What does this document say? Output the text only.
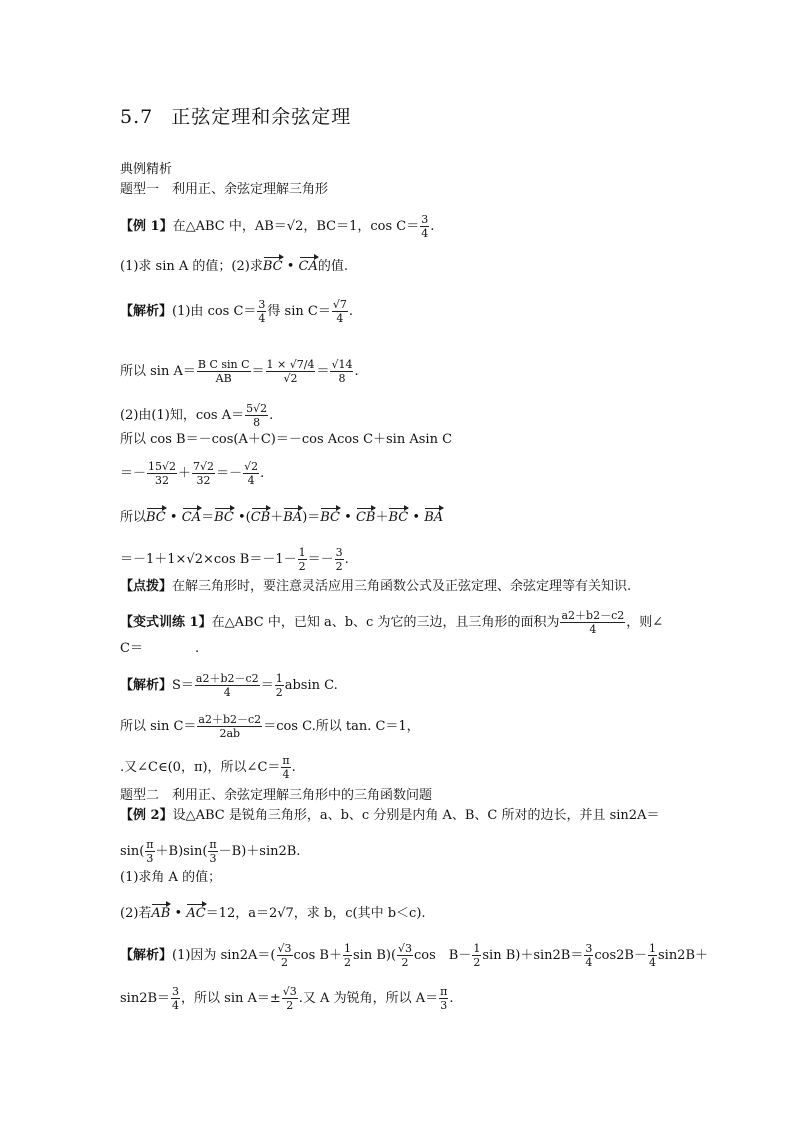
5.7 正弦定理和余弦定理
典例精析
题型一　利用正、余弦定理解三角形
【例 1】在△ABC 中，AB＝√2，BC＝1，$\cos C= \frac{3}{4}$ .
(1)求 sin A 的值；(2)求BC • CA的值.
【解析】(1)由 $\cos C= \frac{3}{4}$ 得 $\sin C= \frac{√7}{4}$ .
所以 $\sin A= \frac{\text{B C sin C}}{AB} = \frac{1 \times √7/4}{√2} = \frac{√14}{8}$ .
(2)由(1)知，$\cos A= \frac{5√2}{8}$ .
所以 cos B＝－cos(A＋C)＝－cos Acos C＋sin Asin C
＝－ $\frac{15√2}{32} + \frac{7√2}{32} =- \frac{√2}{4}$ .
所以BC • CA＝BC •(CB＋BA)＝BC • CB＋BC • BA
＝－1＋1×√2×cos $B=-1- \frac{1}{2} =- \frac{3}{2}$ .
【点拨】在解三角形时，要注意灵活应用三角函数公式及正弦定理、余弦定理等有关知识.
【变式训练 1】在△ABC 中，已知 a、b、c 为它的三边，且三角形的面积为 $\frac{a2+b2-c2}{4}$ ，则∠
C＝　　　　.
【解析】$S= \frac{a2+b2-c2}{4} = \frac{1}{2}$ absin C.
所以 $\sin C= \frac{a2+b2-c2}{2ab} =\cos$ C.所以 tan. C＝1，
.又∠C∈(0，π)，所以∠C＝ $\frac{\pi}{4}$ .
题型二　利用正、余弦定理解三角形中的三角函数问题
【例 2】设△ABC 是锐角三角形，a、b、c 分别是内角 A、B、C 所对的边长，并且 sin2A＝
$\sin( \frac{\pi}{3} +B)\sin( \frac{\pi}{3} -B)+\sin 2B$.
(1)求角 A 的值；
(2)若AB • AC＝12，a＝2√7，求 b，c(其中 b＜c).
【解析】(1)因为 $\sin 2A=( \frac{√3}{2}$ $\cos B+ \frac{1}{2}$ $\sin B)( \frac{√3}{2}$ cos　$B- \frac{1}{2}$ $\sin B)+\sin 2B= \frac{3}{4} \cos 2B- \frac{1}{4} \sin 2B+$
$\sin 2B= \frac{3}{4}$ ，所以 $\sin A=\pm \frac{√3}{2}$ .又 A 为锐角，所以 $A= \frac{\pi}{3}$ .
